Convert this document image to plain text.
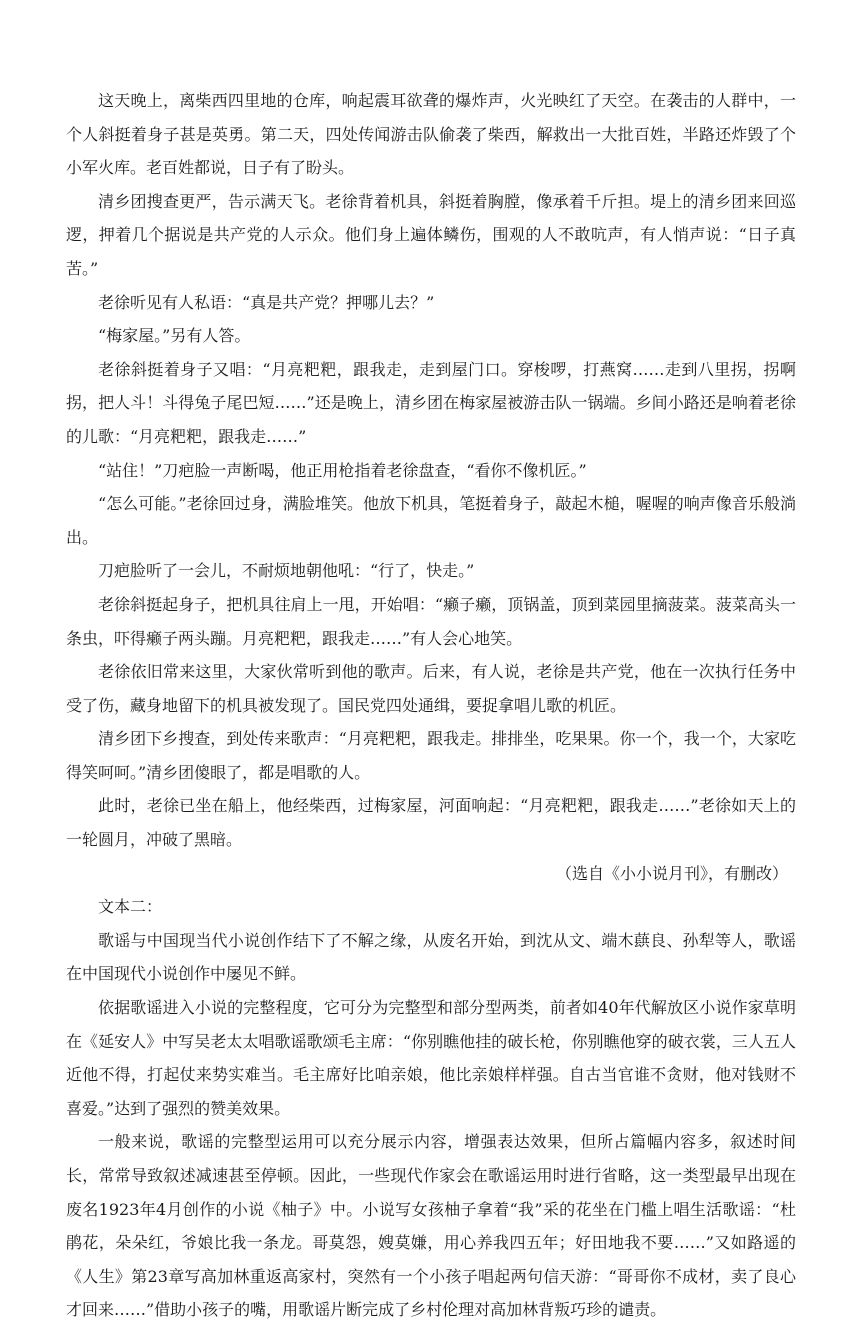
这天晚上，离柴西四里地的仓库，响起震耳欲聋的爆炸声，火光映红了天空。在袭击的人群中，一个人斜挺着身子甚是英勇。第二天，四处传闻游击队偷袭了柴西，解救出一大批百姓，半路还炸毁了个小军火库。老百姓都说，日子有了盼头。

清乡团搜查更严，告示满天飞。老徐背着机具，斜挺着胸膛，像承着千斤担。堤上的清乡团来回巡逻，押着几个据说是共产党的人示众。他们身上遍体鳞伤，围观的人不敢吭声，有人悄声说：“日子真苦。”

老徐听见有人私语：“真是共产党？押哪儿去？”

“梅家屋。”另有人答。

老徐斜挺着身子又唱：“月亮粑粑，跟我走，走到屋门口。穿梭啰，打燕窝……走到八里拐，拐啊拐，把人斗！斗得兔子尾巴短……”还是晚上，清乡团在梅家屋被游击队一锅端。乡间小路还是响着老徐的儿歌：“月亮粑粑，跟我走……”

“站住！”刀疤脸一声断喝，他正用枪指着老徐盘查，“看你不像机匠。”

“怎么可能。”老徐回过身，满脸堆笑。他放下机具，笔挺着身子，敲起木槌，喔喔的响声像音乐般淌出。

刀疤脸听了一会儿，不耐烦地朝他吼：“行了，快走。”

老徐斜挺起身子，把机具往肩上一甩，开始唱：“癞子癞，顶锅盖，顶到菜园里摘菠菜。菠菜高头一条虫，吓得癞子两头蹦。月亮粑粑，跟我走……”有人会心地笑。

老徐依旧常来这里，大家伙常听到他的歌声。后来，有人说，老徐是共产党，他在一次执行任务中受了伤，藏身地留下的机具被发现了。国民党四处通缉，要捉拿唱儿歌的机匠。

清乡团下乡搜查，到处传来歌声：“月亮粑粑，跟我走。排排坐，吃果果。你一个，我一个，大家吃得笑呵呵。”清乡团傻眼了，都是唱歌的人。

此时，老徐已坐在船上，他经柴西，过梅家屋，河面响起：“月亮粑粑，跟我走……”老徐如天上的一轮圆月，冲破了黑暗。

（选自《小小说月刊》，有删改）

文本二：

歌谣与中国现当代小说创作结下了不解之缘，从废名开始，到沈从文、端木蕻良、孙犁等人，歌谣在中国现代小说创作中屡见不鲜。

依据歌谣进入小说的完整程度，它可分为完整型和部分型两类，前者如40年代解放区小说作家草明在《延安人》中写吴老太太唱歌谣歌颂毛主席：“你别瞧他挂的破长枪，你别瞧他穿的破衣裳，三人五人近他不得，打起仗来势实难当。毛主席好比咱亲娘，他比亲娘样样强。自古当官谁不贪财，他对钱财不喜爱。”达到了强烈的赞美效果。

一般来说，歌谣的完整型运用可以充分展示内容，增强表达效果，但所占篇幅内容多，叙述时间长，常常导致叙述减速甚至停顿。因此，一些现代作家会在歌谣运用时进行省略，这一类型最早出现在废名1923年4月创作的小说《柚子》中。小说写女孩柚子拿着“我”采的花坐在门槛上唱生活歌谣：“杜鹃花，朵朵红，爷娘比我一条龙。哥莫怨，嫂莫嫌，用心养我四五年；好田地我不要……”又如路遥的《人生》第23章写高加林重返高家村，突然有一个小孩子唱起两句信天游：“哥哥你不成材，卖了良心才回来……”借助小孩子的嘴，用歌谣片断完成了乡村伦理对高加林背叛巧珍的谴责。
